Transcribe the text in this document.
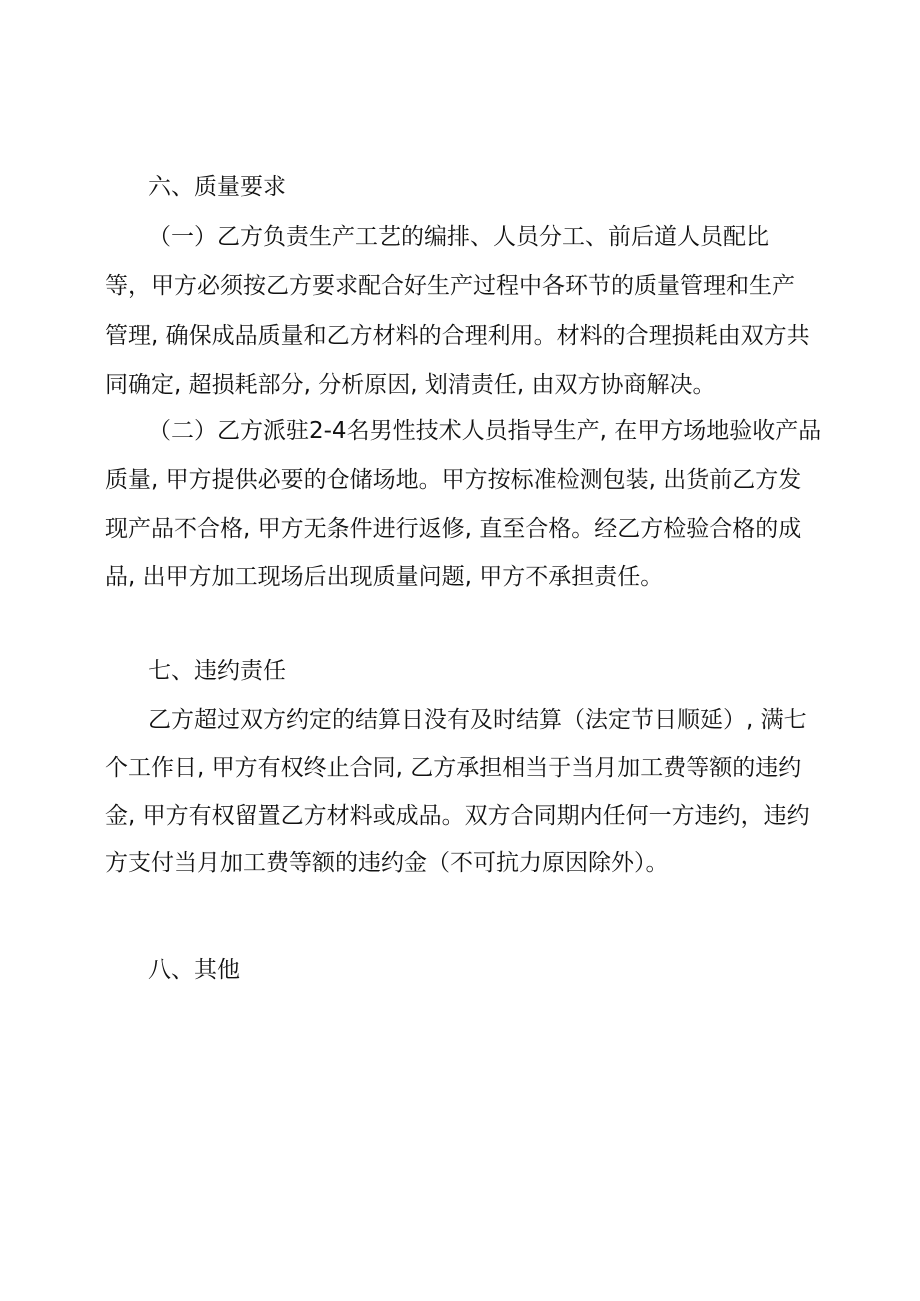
六、质量要求
（一）乙方负责生产工艺的编排、人员分工、前后道人员配比
等，甲方必须按乙方要求配合好生产过程中各环节的质量管理和生产
管理, 确保成品质量和乙方材料的合理利用。材料的合理损耗由双方共
同确定, 超损耗部分, 分析原因, 划清责任, 由双方协商解决。
（二）乙方派驻2-4名男性技术人员指导生产, 在甲方场地验收产品
质量, 甲方提供必要的仓储场地。甲方按标准检测包装, 出货前乙方发
现产品不合格, 甲方无条件进行返修, 直至合格。经乙方检验合格的成
品, 出甲方加工现场后出现质量问题, 甲方不承担责任。
七、违约责任
乙方超过双方约定的结算日没有及时结算（法定节日顺延）, 满七
个工作日, 甲方有权终止合同, 乙方承担相当于当月加工费等额的违约
金, 甲方有权留置乙方材料或成品。双方合同期内任何一方违约，违约
方支付当月加工费等额的违约金（不可抗力原因除外）。
八、其他
